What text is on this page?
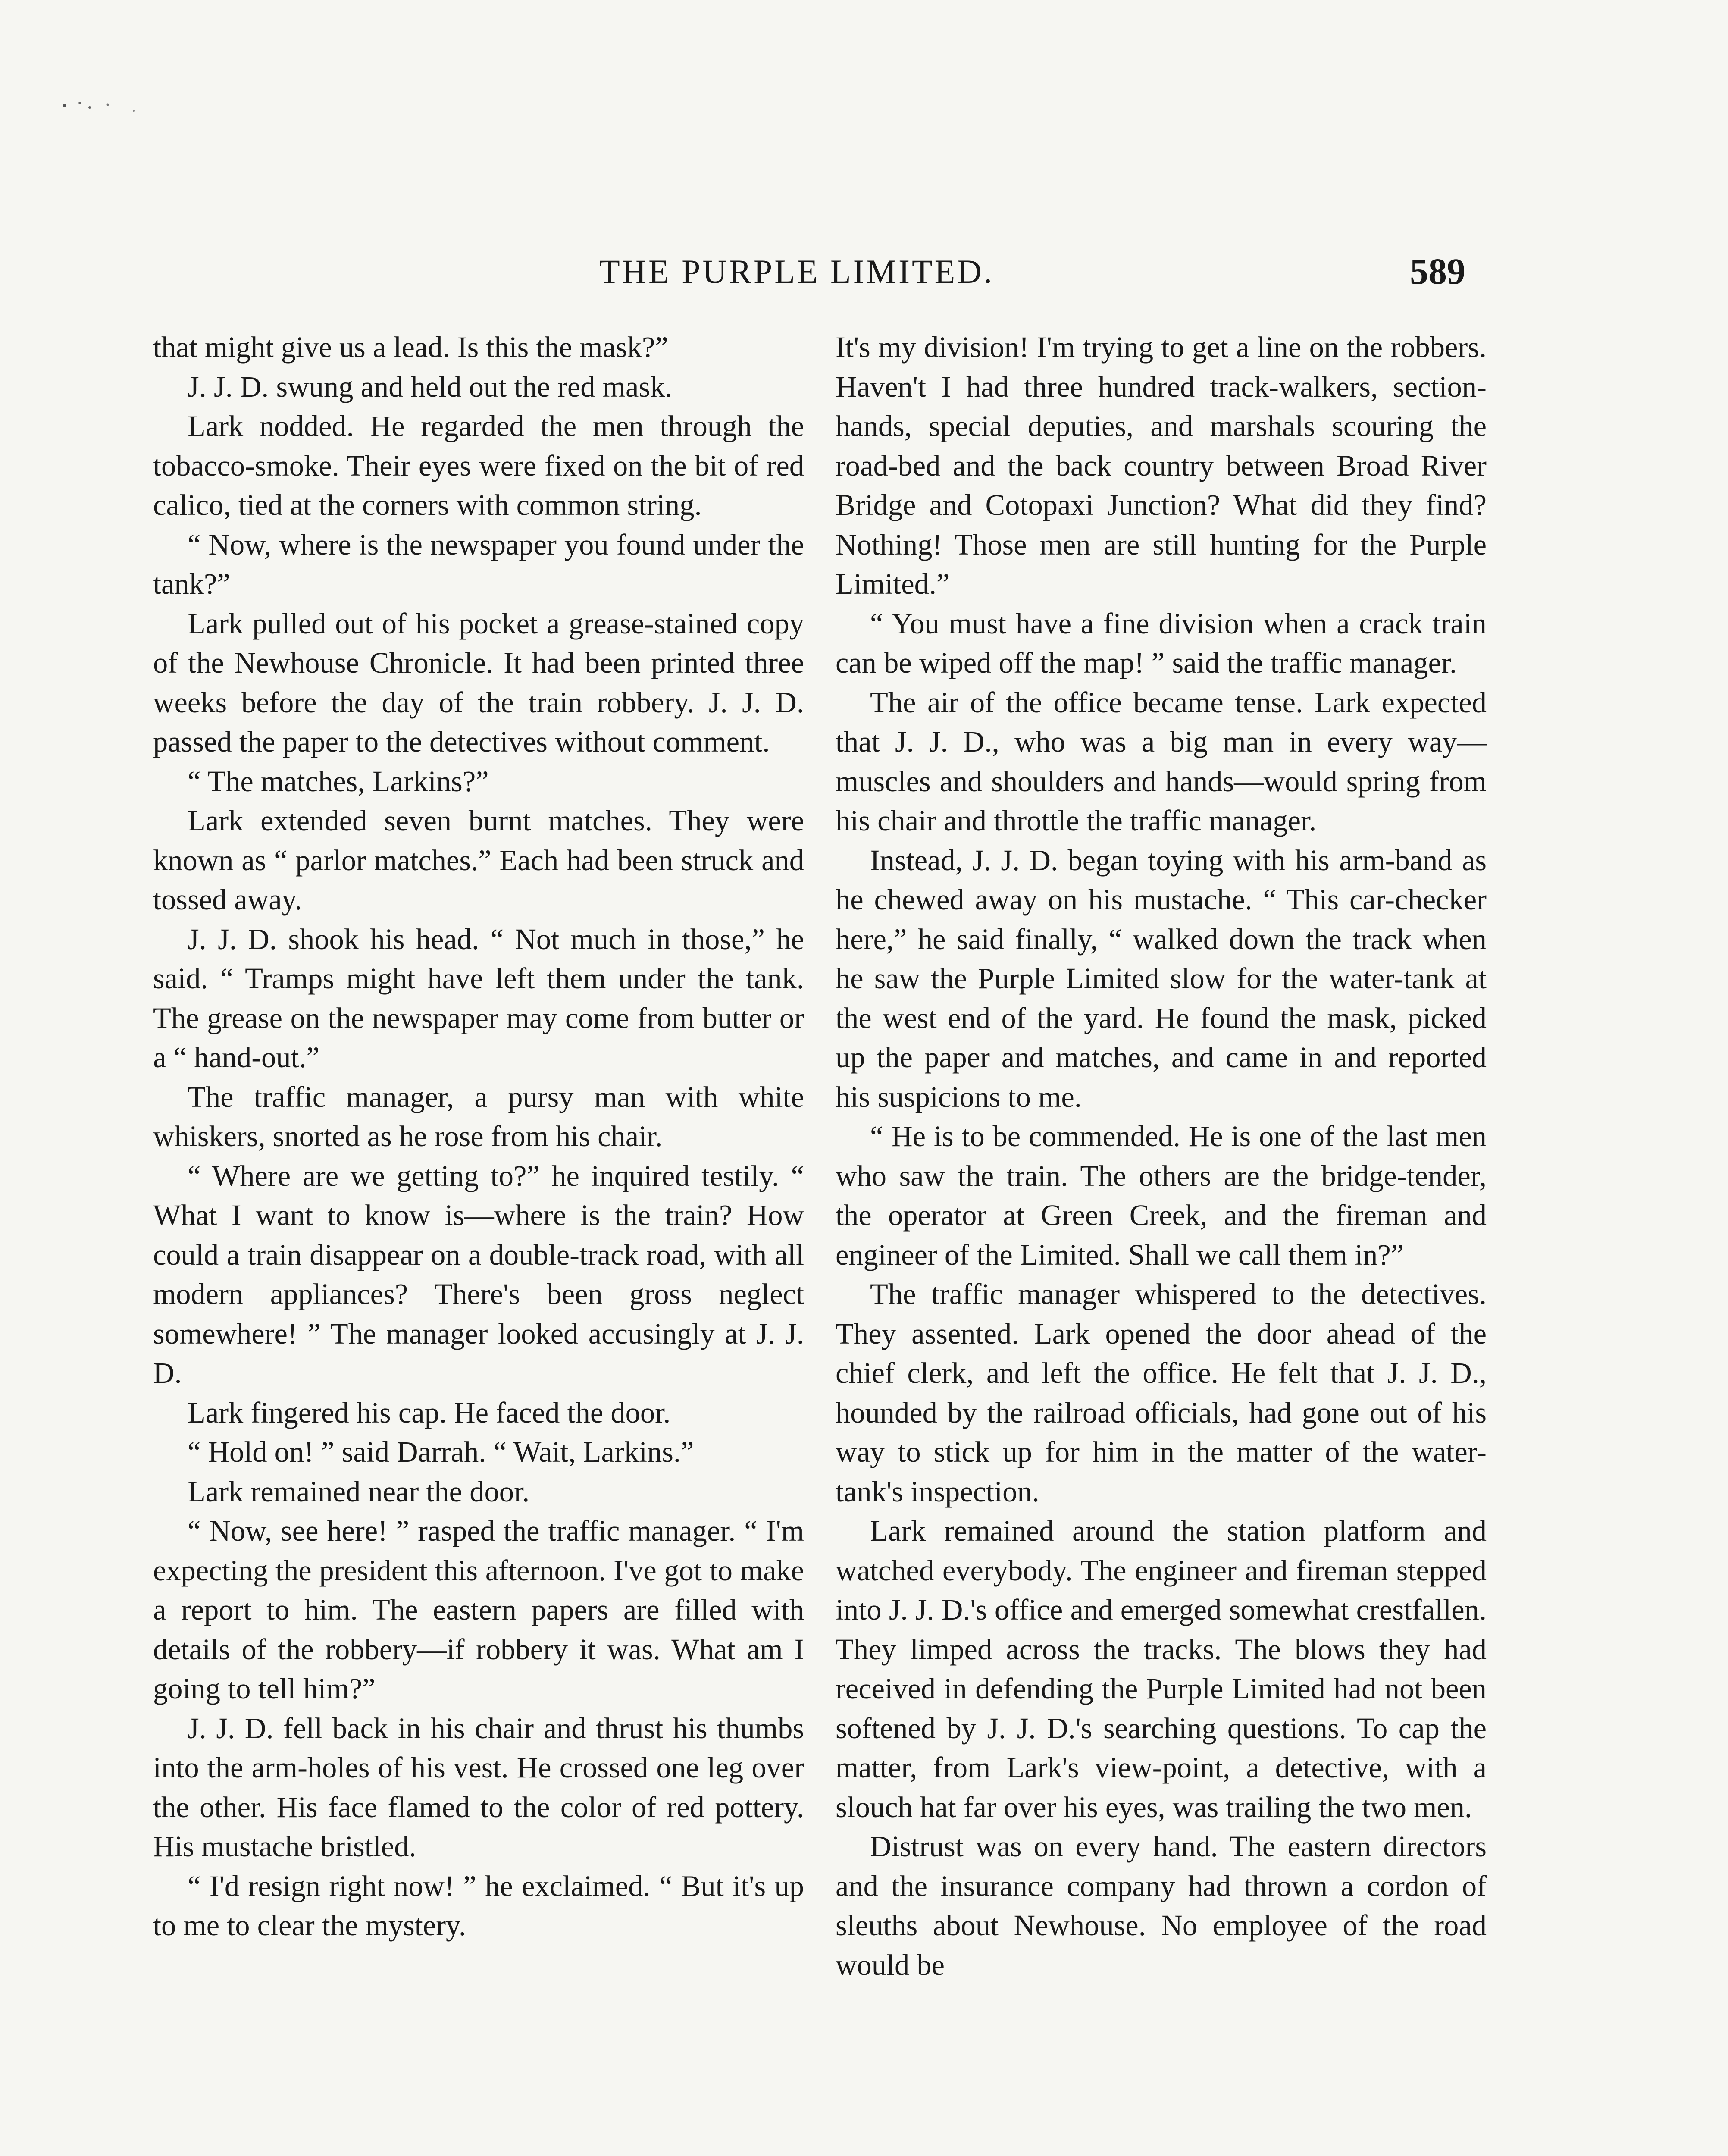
THE PURPLE LIMITED.	589

that might give us a lead. Is this the mask?”

J. J. D. swung and held out the red mask.

Lark nodded. He regarded the men through the tobacco-smoke. Their eyes were fixed on the bit of red calico, tied at the corners with common string.

“ Now, where is the newspaper you found under the tank?”

Lark pulled out of his pocket a grease-stained copy of the Newhouse Chronicle. It had been printed three weeks before the day of the train robbery. J. J. D. passed the paper to the detectives without comment.

“ The matches, Larkins?”

Lark extended seven burnt matches. They were known as “ parlor matches.” Each had been struck and tossed away.

J. J. D. shook his head. “ Not much in those,” he said. “ Tramps might have left them under the tank. The grease on the newspaper may come from butter or a “ hand-out.”

The traffic manager, a pursy man with white whiskers, snorted as he rose from his chair.

“ Where are we getting to?” he inquired testily. “ What I want to know is—where is the train? How could a train disappear on a double-track road, with all modern appliances? There's been gross neglect somewhere! ” The manager looked accusingly at J. J. D.

Lark fingered his cap. He faced the door.

“ Hold on! ” said Darrah. “ Wait, Larkins.”

Lark remained near the door.

“ Now, see here! ” rasped the traffic manager. “ I'm expecting the president this afternoon. I've got to make a report to him. The eastern papers are filled with details of the robbery—if robbery it was. What am I going to tell him?”

J. J. D. fell back in his chair and thrust his thumbs into the arm-holes of his vest. He crossed one leg over the other. His face flamed to the color of red pottery. His mustache bristled.

“ I'd resign right now! ” he exclaimed. “ But it's up to me to clear the mystery.

It's my division! I'm trying to get a line on the robbers. Haven't I had three hundred track-walkers, section-hands, special deputies, and marshals scouring the road-bed and the back country between Broad River Bridge and Cotopaxi Junction? What did they find? Nothing! Those men are still hunting for the Purple Limited.”

“ You must have a fine division when a crack train can be wiped off the map! ” said the traffic manager.

The air of the office became tense. Lark expected that J. J. D., who was a big man in every way—muscles and shoulders and hands—would spring from his chair and throttle the traffic manager.

Instead, J. J. D. began toying with his arm-band as he chewed away on his mustache. “ This car-checker here,” he said finally, “ walked down the track when he saw the Purple Limited slow for the water-tank at the west end of the yard. He found the mask, picked up the paper and matches, and came in and reported his suspicions to me.

“ He is to be commended. He is one of the last men who saw the train. The others are the bridge-tender, the operator at Green Creek, and the fireman and engineer of the Limited. Shall we call them in?”

The traffic manager whispered to the detectives. They assented. Lark opened the door ahead of the chief clerk, and left the office. He felt that J. J. D., hounded by the railroad officials, had gone out of his way to stick up for him in the matter of the water-tank's inspection.

Lark remained around the station platform and watched everybody. The engineer and fireman stepped into J. J. D.'s office and emerged somewhat crestfallen. They limped across the tracks. The blows they had received in defending the Purple Limited had not been softened by J. J. D.'s searching questions. To cap the matter, from Lark's view-point, a detective, with a slouch hat far over his eyes, was trailing the two men.

Distrust was on every hand. The eastern directors and the insurance company had thrown a cordon of sleuths about Newhouse. No employee of the road would be
